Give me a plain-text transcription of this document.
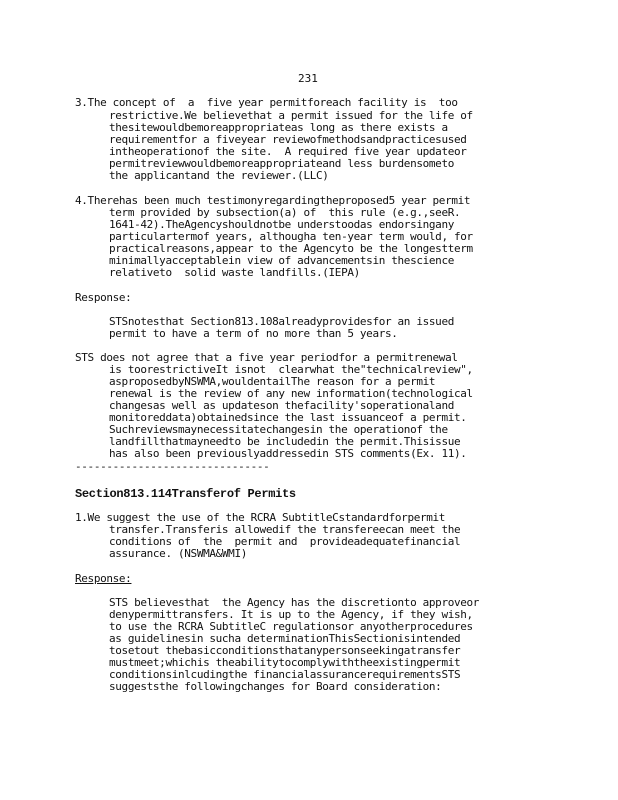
231
3.The concept of  a  five year permitforeach facility is  too
restrictive.We believethat a permit issued for the life of
thesitewouldbemoreappropriateas long as there exists a
requirementfor a fiveyear reviewofmethodsandpracticesused
intheoperationof the site.  A required five year updateor
permitreviewwouldbemoreappropriateand less burdensometo
the applicantand the reviewer.(LLC)
4.Therehas been much testimonyregardingtheproposed5 year permit
term provided by subsection(a) of  this rule (e.g.,seeR.
1641-42).TheAgencyshouldnotbe understoodas endorsingany
particulartermof years, althougha ten-year term would, for
practicalreasons,appear to the Agencyto be the longestterm
minimallyacceptablein view of advancementsin thescience
relativeto  solid waste landfills.(IEPA)
Response:
STSnotesthat Section813.108alreadyprovidesfor an issued
permit to have a term of no more than 5 years.
STS does not agree that a five year periodfor a permitrenewal
is toorestrictiveIt isnot  clearwhat the"technicalreview",
asproposedbyNSWMA,wouldentailThe reason for a permit
renewal is the review of any new information(technological
changesas well as updateson thefacility'soperationaland
monitoreddata)obtainedsince the last issuanceof a permit.
Suchreviewsmaynecessitatechangesin the operationof the
landfillthatmayneedto be includedin the permit.Thisissue
has also been previouslyaddressedin STS comments(Ex. 11).
-------------------------------
Section813.114Transferof Permits
1.We suggest the use of the RCRA SubtitleCstandardforpermit
transfer.Transferis allowedif the transfereecan meet the
conditions of  the  permit and  provideadequatefinancial
assurance. (NSWMA&WMI)
Response:
STS believesthat  the Agency has the discretionto approveor
denypermittransfers. It is up to the Agency, if they wish,
to use the RCRA SubtitleC regulationsor anyotherprocedures
as guidelinesin sucha determinationThisSectionisintended
tosetout thebasicconditionsthatanypersonseekingatransfer
mustmeet;whichis theabilitytocomplywiththeexistingpermit
conditionsinlcudingthe financialassurancerequirementsSTS
suggeststhe followingchanges for Board consideration:
